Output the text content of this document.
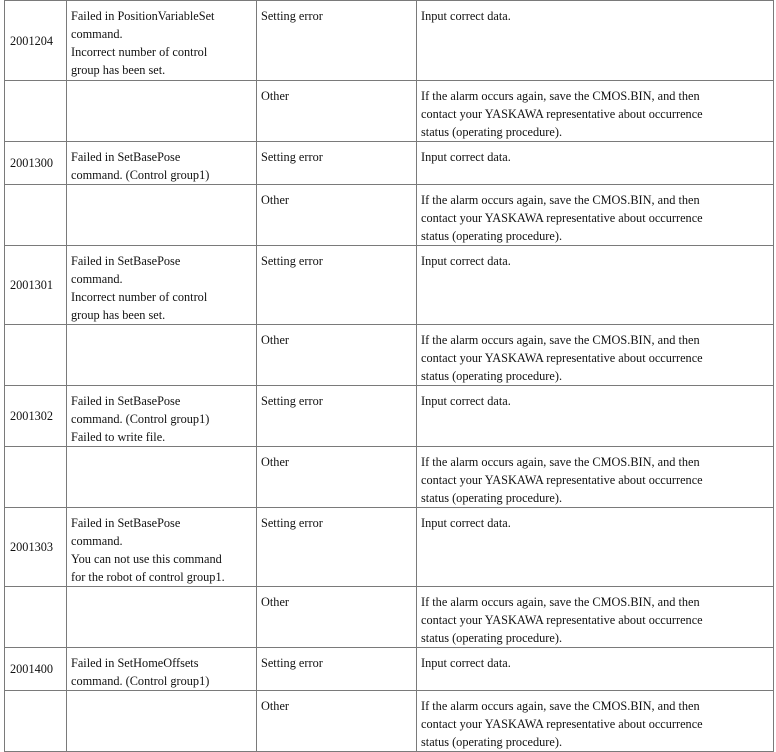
2001204	Failed in PositionVariableSet
command.
Incorrect number of control
group has been set.	Setting error	Input correct data.

		Other	If the alarm occurs again, save the CMOS.BIN, and then
contact your YASKAWA representative about occurrence
status (operating procedure).

2001300	Failed in SetBasePose
command. (Control group1)	Setting error	Input correct data.

		Other	If the alarm occurs again, save the CMOS.BIN, and then
contact your YASKAWA representative about occurrence
status (operating procedure).

2001301	Failed in SetBasePose
command.
Incorrect number of control
group has been set.	Setting error	Input correct data.

		Other	If the alarm occurs again, save the CMOS.BIN, and then
contact your YASKAWA representative about occurrence
status (operating procedure).

2001302	Failed in SetBasePose
command. (Control group1)
Failed to write file.	Setting error	Input correct data.

		Other	If the alarm occurs again, save the CMOS.BIN, and then
contact your YASKAWA representative about occurrence
status (operating procedure).

2001303	Failed in SetBasePose
command.
You can not use this command
for the robot of control group1.	Setting error	Input correct data.

		Other	If the alarm occurs again, save the CMOS.BIN, and then
contact your YASKAWA representative about occurrence
status (operating procedure).

2001400	Failed in SetHomeOffsets
command. (Control group1)	Setting error	Input correct data.

		Other	If the alarm occurs again, save the CMOS.BIN, and then
contact your YASKAWA representative about occurrence
status (operating procedure).
